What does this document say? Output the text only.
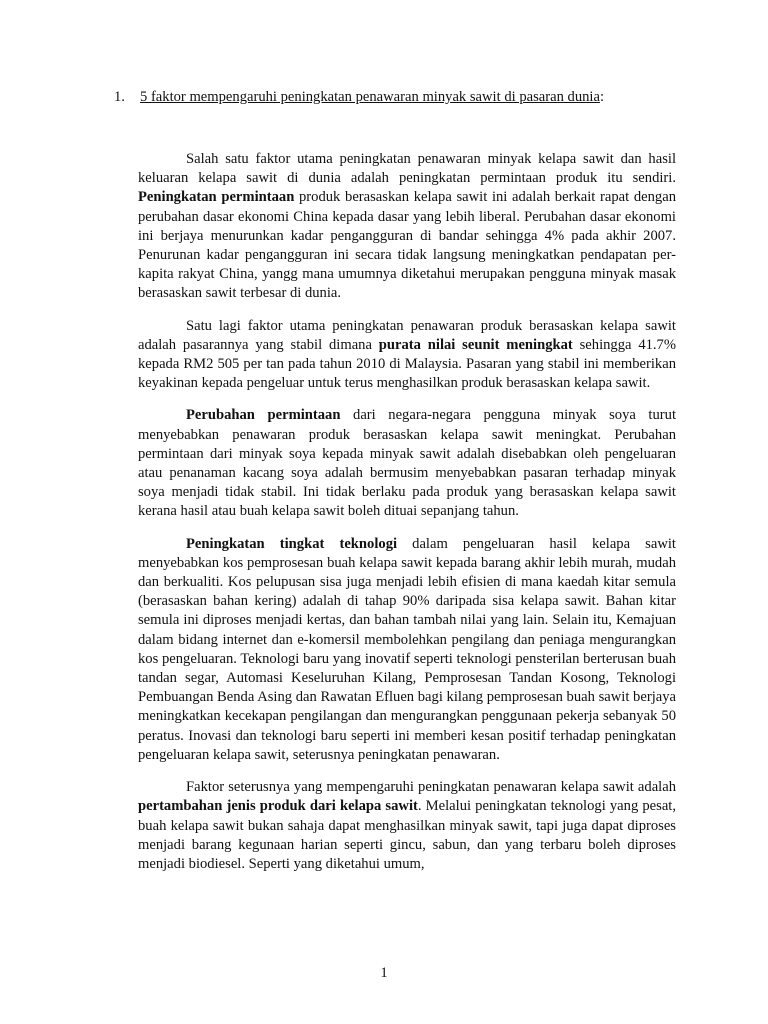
1.	5 faktor mempengaruhi peningkatan penawaran minyak sawit di pasaran dunia:

Salah satu faktor utama peningkatan penawaran minyak kelapa sawit dan hasil keluaran kelapa sawit di dunia adalah peningkatan permintaan produk itu sendiri. Peningkatan permintaan produk berasaskan kelapa sawit ini adalah berkait rapat dengan perubahan dasar ekonomi China kepada dasar yang lebih liberal. Perubahan dasar ekonomi ini berjaya menurunkan kadar pengangguran di bandar sehingga 4% pada akhir 2007. Penurunan kadar pengangguran ini secara tidak langsung meningkatkan pendapatan per-kapita rakyat China, yangg mana umumnya diketahui merupakan pengguna minyak masak berasaskan sawit terbesar di dunia.

Satu lagi faktor utama peningkatan penawaran produk berasaskan kelapa sawit adalah pasarannya yang stabil dimana purata nilai seunit meningkat sehingga 41.7% kepada RM2 505 per tan pada tahun 2010 di Malaysia. Pasaran yang stabil ini memberikan keyakinan kepada pengeluar untuk terus menghasilkan produk berasaskan kelapa sawit.

Perubahan permintaan dari negara-negara pengguna minyak soya turut menyebabkan penawaran produk berasaskan kelapa sawit meningkat. Perubahan permintaan dari minyak soya kepada minyak sawit adalah disebabkan oleh pengeluaran atau penanaman kacang soya adalah bermusim menyebabkan pasaran terhadap minyak soya menjadi tidak stabil. Ini tidak berlaku pada produk yang berasaskan kelapa sawit kerana hasil atau buah kelapa sawit boleh dituai sepanjang tahun.

Peningkatan tingkat teknologi dalam pengeluaran hasil kelapa sawit menyebabkan kos pemprosesan buah kelapa sawit kepada barang akhir lebih murah, mudah dan berkualiti. Kos pelupusan sisa juga menjadi lebih efisien di mana kaedah kitar semula (berasaskan bahan kering) adalah di tahap 90% daripada sisa kelapa sawit. Bahan kitar semula ini diproses menjadi kertas, dan bahan tambah nilai yang lain. Selain itu, Kemajuan dalam bidang internet dan e-komersil membolehkan pengilang dan peniaga mengurangkan kos pengeluaran. Teknologi baru yang inovatif seperti teknologi pensterilan berterusan buah tandan segar, Automasi Keseluruhan Kilang, Pemprosesan Tandan Kosong, Teknologi Pembuangan Benda Asing dan Rawatan Efluen bagi kilang pemprosesan buah sawit berjaya meningkatkan kecekapan pengilangan dan mengurangkan penggunaan pekerja sebanyak 50 peratus. Inovasi dan teknologi baru seperti ini memberi kesan positif terhadap peningkatan pengeluaran kelapa sawit, seterusnya peningkatan penawaran.

Faktor seterusnya yang mempengaruhi peningkatan penawaran kelapa sawit adalah pertambahan jenis produk dari kelapa sawit. Melalui peningkatan teknologi yang pesat, buah kelapa sawit bukan sahaja dapat menghasilkan minyak sawit, tapi juga dapat diproses menjadi barang kegunaan harian seperti gincu, sabun, dan yang terbaru boleh diproses menjadi biodiesel. Seperti yang diketahui umum,

1
